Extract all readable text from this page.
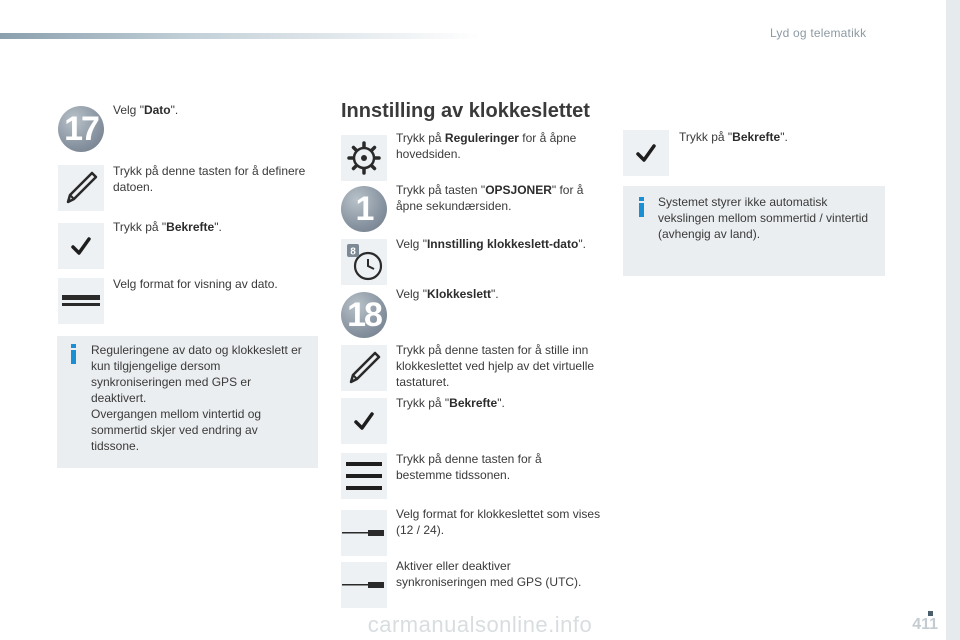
Lyd og telematikk
411
17 Velg "Dato".
Trykk på denne tasten for å definere datoen.
Trykk på "Bekrefte".
Velg format for visning av dato.
Reguleringene av dato og klokkeslett er kun tilgjengelige dersom synkroniseringen med GPS er deaktivert.
Overgangen mellom vintertid og sommertid skjer ved endring av tidssone.
Innstilling av klokkeslettet
Trykk på Reguleringer for å åpne hovedsiden.
1 Trykk på tasten "OPSJONER" for å åpne sekundærsiden.
8
Velg "Innstilling klokkeslett-dato".
18
Velg "Klokkeslett".
Trykk på denne tasten for å stille inn klokkeslettet ved hjelp av det virtuelle tastaturet.
Trykk på "Bekrefte".
Trykk på denne tasten for å bestemme tidssonen.
Velg format for klokkeslettet som vises (12 / 24).
Aktiver eller deaktiver synkroniseringen med GPS (UTC).
Trykk på "Bekrefte".
Systemet styrer ikke automatisk vekslingen mellom sommertid / vintertid (avhengig av land).
carmanualsonline.info
